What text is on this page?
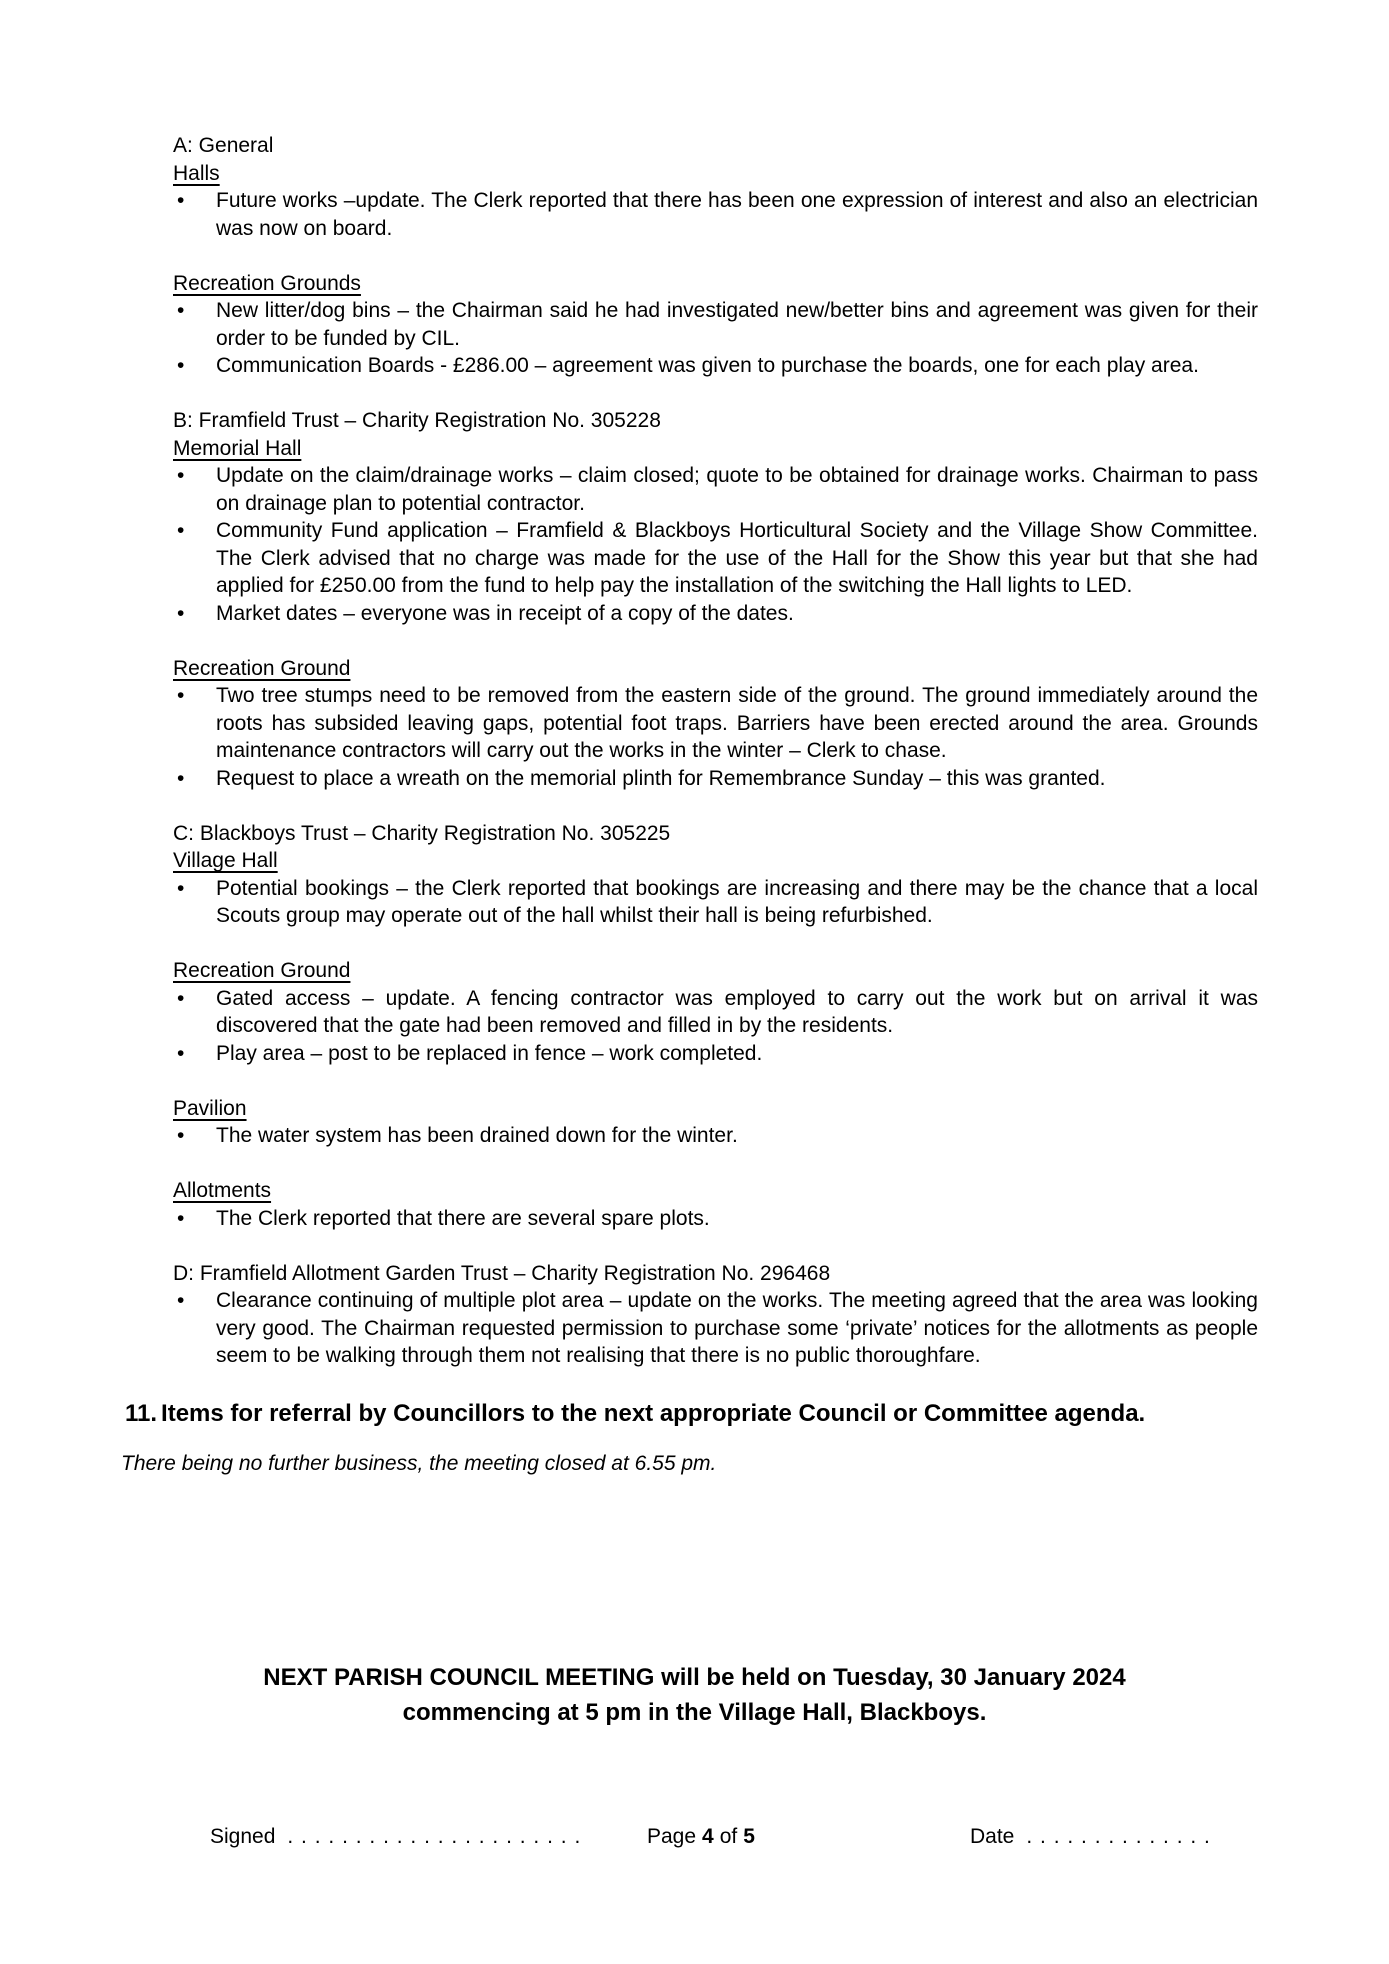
A: General

Halls

• Future works –update. The Clerk reported that there has been one expression of interest and also an electrician was now on board.

Recreation Grounds

• New litter/dog bins – the Chairman said he had investigated new/better bins and agreement was given for their order to be funded by CIL.
• Communication Boards - £286.00 – agreement was given to purchase the boards, one for each play area.

B: Framfield Trust – Charity Registration No. 305228

Memorial Hall

• Update on the claim/drainage works – claim closed; quote to be obtained for drainage works. Chairman to pass on drainage plan to potential contractor.
• Community Fund application – Framfield & Blackboys Horticultural Society and the Village Show Committee. The Clerk advised that no charge was made for the use of the Hall for the Show this year but that she had applied for £250.00 from the fund to help pay the installation of the switching the Hall lights to LED.
• Market dates – everyone was in receipt of a copy of the dates.

Recreation Ground

• Two tree stumps need to be removed from the eastern side of the ground. The ground immediately around the roots has subsided leaving gaps, potential foot traps. Barriers have been erected around the area. Grounds maintenance contractors will carry out the works in the winter – Clerk to chase.
• Request to place a wreath on the memorial plinth for Remembrance Sunday – this was granted.

C: Blackboys Trust – Charity Registration No. 305225

Village Hall

• Potential bookings – the Clerk reported that bookings are increasing and there may be the chance that a local Scouts group may operate out of the hall whilst their hall is being refurbished.

Recreation Ground

• Gated access – update. A fencing contractor was employed to carry out the work but on arrival it was discovered that the gate had been removed and filled in by the residents.
• Play area – post to be replaced in fence – work completed.

Pavilion

• The water system has been drained down for the winter.

Allotments

• The Clerk reported that there are several spare plots.

D: Framfield Allotment Garden Trust – Charity Registration No. 296468

• Clearance continuing of multiple plot area – update on the works. The meeting agreed that the area was looking very good. The Chairman requested permission to purchase some ‘private’ notices for the allotments as people seem to be walking through them not realising that there is no public thoroughfare.

11. Items for referral by Councillors to the next appropriate Council or Committee agenda.

There being no further business, the meeting closed at 6.55 pm.

NEXT PARISH COUNCIL MEETING will be held on Tuesday, 30 January 2024
commencing at 5 pm in the Village Hall, Blackboys.
Signed . . . . . . . . . . . . . . . . . . . . . .	Page 4 of 5	Date . . . . . . . . . . . . . .
